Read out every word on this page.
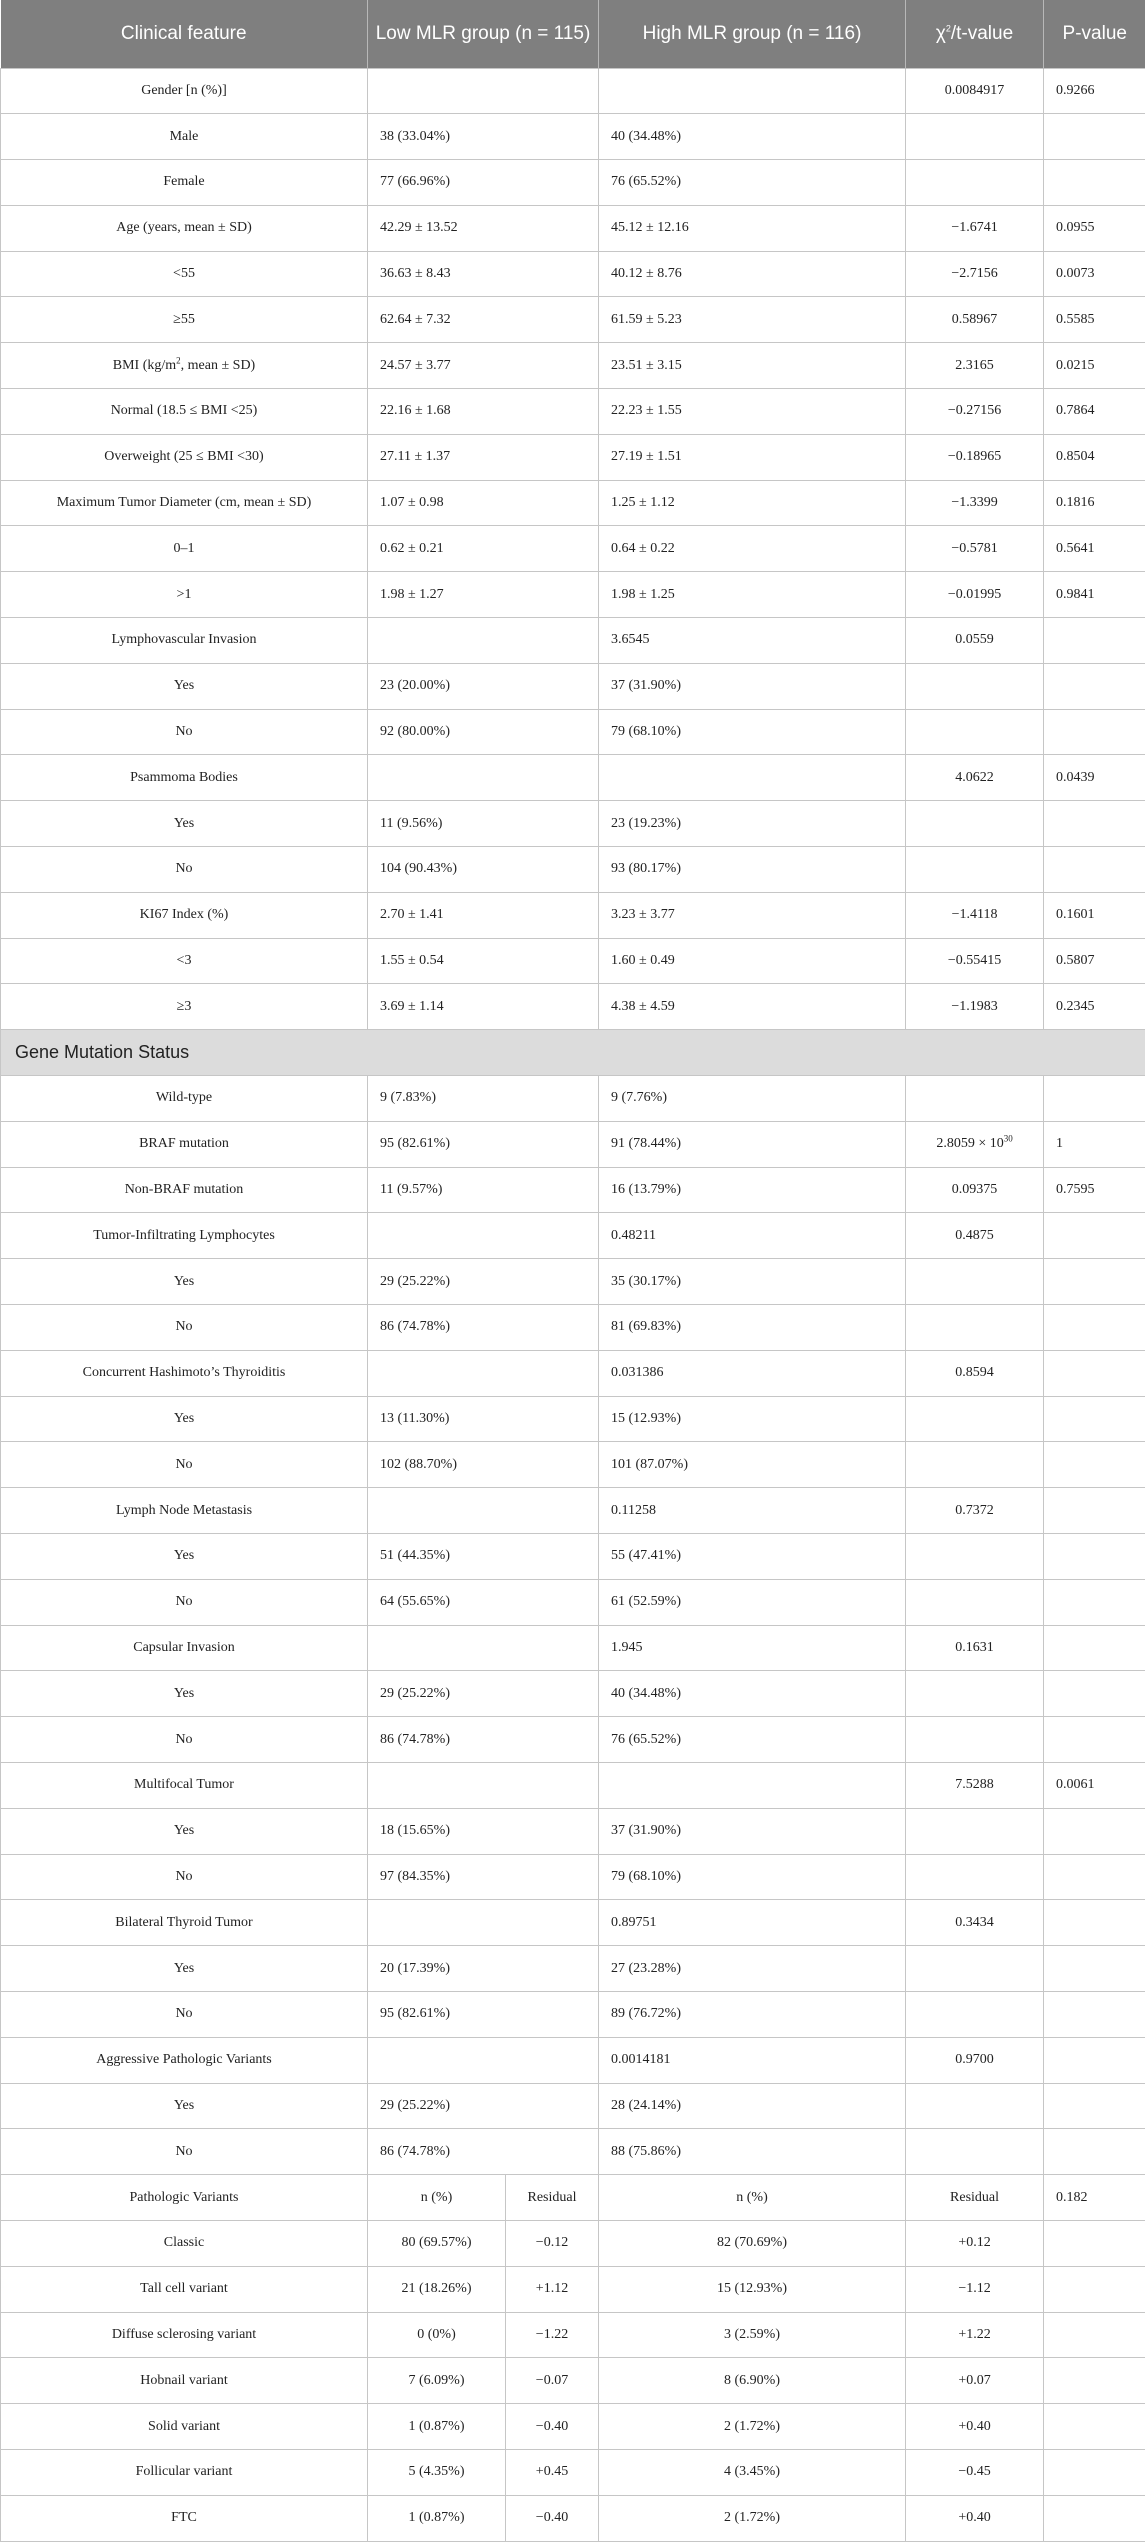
Clinical feature	Low MLR group (n = 115)		High MLR group (n = 116)	$\chi^2/t$-value	P-value
Gender [n (%)]				0.0084917	0.9266
Male	38 (33.04%)		40 (34.48%)		
Female	77 (66.96%)		76 (65.52%)		
Age (years, mean ± SD)	42.29 ± 13.52		45.12 ± 12.16	−1.6741	0.0955
<55	36.63 ± 8.43		40.12 ± 8.76	−2.7156	0.0073
≥55	62.64 ± 7.32		61.59 ± 5.23	0.58967	0.5585
BMI ($kg/m^2$, mean ± SD)	24.57 ± 3.77		23.51 ± 3.15	2.3165	0.0215
Normal (18.5 ≤ BMI <25)	22.16 ± 1.68		22.23 ± 1.55	−0.27156	0.7864
Overweight (25 ≤ BMI <30)	27.11 ± 1.37		27.19 ± 1.51	−0.18965	0.8504
Maximum Tumor Diameter (cm, mean ± SD)	1.07 ± 0.98		1.25 ± 1.12	−1.3399	0.1816
0–1	0.62 ± 0.21		0.64 ± 0.22	−0.5781	0.5641
>1	1.98 ± 1.27		1.98 ± 1.25	−0.01995	0.9841
Lymphovascular Invasion			3.6545	0.0559	
Yes	23 (20.00%)		37 (31.90%)		
No	92 (80.00%)		79 (68.10%)		
Psammoma Bodies				4.0622	0.0439
Yes	11 (9.56%)		23 (19.23%)		
No	104 (90.43%)		93 (80.17%)		
KI67 Index (%)	2.70 ± 1.41		3.23 ± 3.77	−1.4118	0.1601
<3	1.55 ± 0.54		1.60 ± 0.49	−0.55415	0.5807
≥3	3.69 ± 1.14		4.38 ± 4.59	−1.1983	0.2345
Gene Mutation Status					
Wild-type	9 (7.83%)		9 (7.76%)		
BRAF mutation	95 (82.61%)		91 (78.44%)	$2.8059 \times 10^{30}$	1
Non-BRAF mutation	11 (9.57%)		16 (13.79%)	0.09375	0.7595
Tumor-Infiltrating Lymphocytes			0.48211	0.4875	
Yes	29 (25.22%)		35 (30.17%)		
No	86 (74.78%)		81 (69.83%)		
Concurrent Hashimoto’s Thyroiditis			0.031386	0.8594	
Yes	13 (11.30%)		15 (12.93%)		
No	102 (88.70%)		101 (87.07%)		
Lymph Node Metastasis			0.11258	0.7372	
Yes	51 (44.35%)		55 (47.41%)		
No	64 (55.65%)		61 (52.59%)		
Capsular Invasion			1.945	0.1631	
Yes	29 (25.22%)		40 (34.48%)		
No	86 (74.78%)		76 (65.52%)		
Multifocal Tumor				7.5288	0.0061
Yes	18 (15.65%)		37 (31.90%)		
No	97 (84.35%)		79 (68.10%)		
Bilateral Thyroid Tumor			0.89751	0.3434	
Yes	20 (17.39%)		27 (23.28%)		
No	95 (82.61%)		89 (76.72%)		
Aggressive Pathologic Variants			0.0014181	0.9700	
Yes	29 (25.22%)		28 (24.14%)		
No	86 (74.78%)		88 (75.86%)		
Pathologic Variants	n (%)	Residual	n (%)	Residual	0.182
Classic	80 (69.57%)	−0.12	82 (70.69%)	+0.12	
Tall cell variant	21 (18.26%)	+1.12	15 (12.93%)	−1.12	
Diffuse sclerosing variant	0 (0%)	−1.22	3 (2.59%)	+1.22	
Hobnail variant	7 (6.09%)	−0.07	8 (6.90%)	+0.07	
Solid variant	1 (0.87%)	−0.40	2 (1.72%)	+0.40	
Follicular variant	5 (4.35%)	+0.45	4 (3.45%)	−0.45	
FTC	1 (0.87%)	−0.40	2 (1.72%)	+0.40	
